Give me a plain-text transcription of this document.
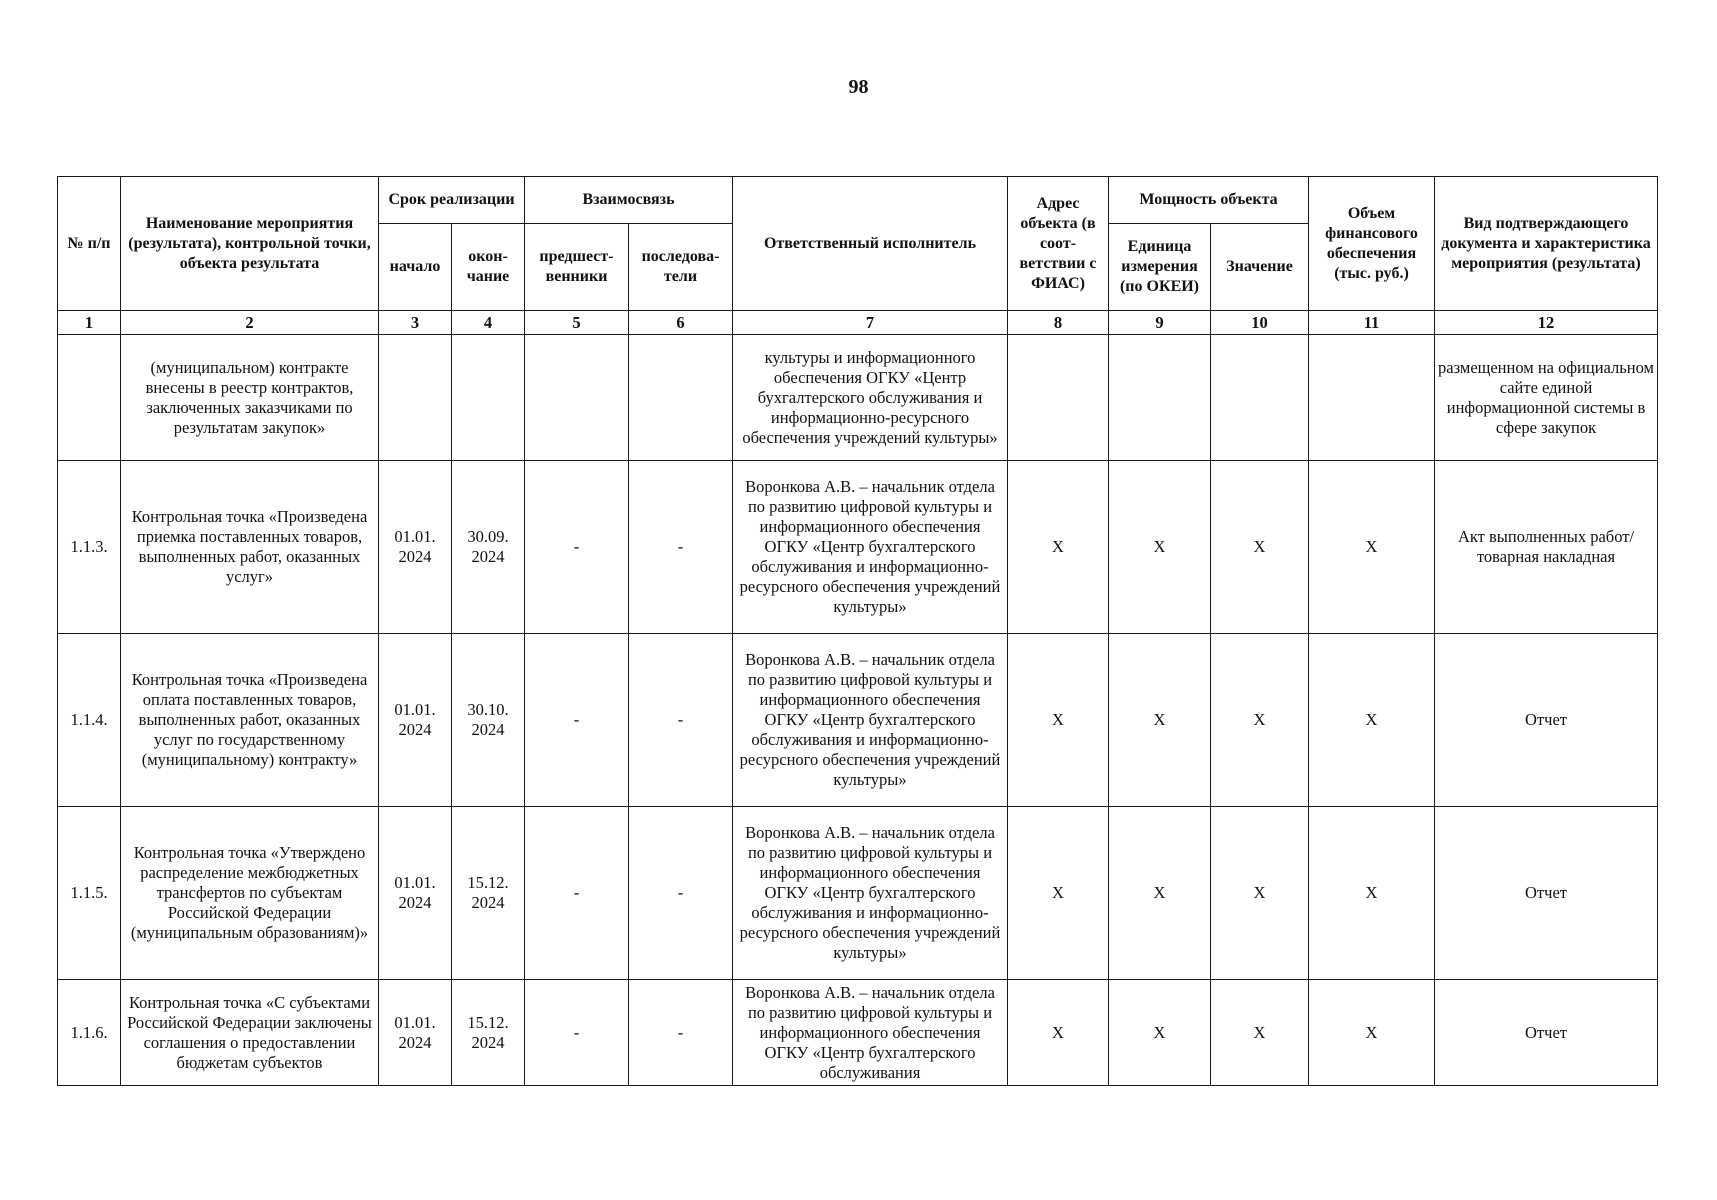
98
№ п/п	Наименование мероприятия (результата), контрольной точки, объекта результата	Срок реализации		Взаимосвязь		Ответственный исполнитель	Адрес объекта (в соот-ветствии с ФИАС)	Мощность объекта		Объем финансового обеспечения (тыс. руб.)	Вид подтверждающего документа и характеристика мероприятия (результата)
		начало	окон-чание	предшест-венники	последова-тели			Единица измерения (по ОКЕИ)	Значение		
1	2	3	4	5	6	7	8	9	10	11	12
	(муниципальном) контракте внесены в реестр контрактов, заключенных заказчиками по результатам закупок»					культуры и информационного обеспечения ОГКУ «Центр бухгалтерского обслуживания и информационно-ресурсного обеспечения учреждений культуры»					размещенном на официальном сайте единой информационной системы в сфере закупок
1.1.3.	Контрольная точка «Произведена приемка поставленных товаров, выполненных работ, оказанных услуг»	01.01. 2024	30.09. 2024	-	-	Воронкова А.В. – начальник отдела по развитию цифровой культуры и информационного обеспечения ОГКУ «Центр бухгалтерского обслуживания и информационно-ресурсного обеспечения учреждений культуры»	X	X	X	X	Акт выполненных работ/товарная накладная
1.1.4.	Контрольная точка «Произведена оплата поставленных товаров, выполненных работ, оказанных услуг по государственному (муниципальному) контракту»	01.01. 2024	30.10. 2024	-	-	Воронкова А.В. – начальник отдела по развитию цифровой культуры и информационного обеспечения ОГКУ «Центр бухгалтерского обслуживания и информационно-ресурсного обеспечения учреждений культуры»	X	X	X	X	Отчет
1.1.5.	Контрольная точка «Утверждено распределение межбюджетных трансфертов по субъектам Российской Федерации (муниципальным образованиям)»	01.01. 2024	15.12. 2024	-	-	Воронкова А.В. – начальник отдела по развитию цифровой культуры и информационного обеспечения ОГКУ «Центр бухгалтерского обслуживания и информационно-ресурсного обеспечения учреждений культуры»	X	X	X	X	Отчет
1.1.6.	Контрольная точка «С субъектами Российской Федерации заключены соглашения о предоставлении бюджетам субъектов	01.01. 2024	15.12. 2024	-	-	Воронкова А.В. – начальник отдела по развитию цифровой культуры и информационного обеспечения ОГКУ «Центр бухгалтерского обслуживания	X	X	X	X	Отчет
